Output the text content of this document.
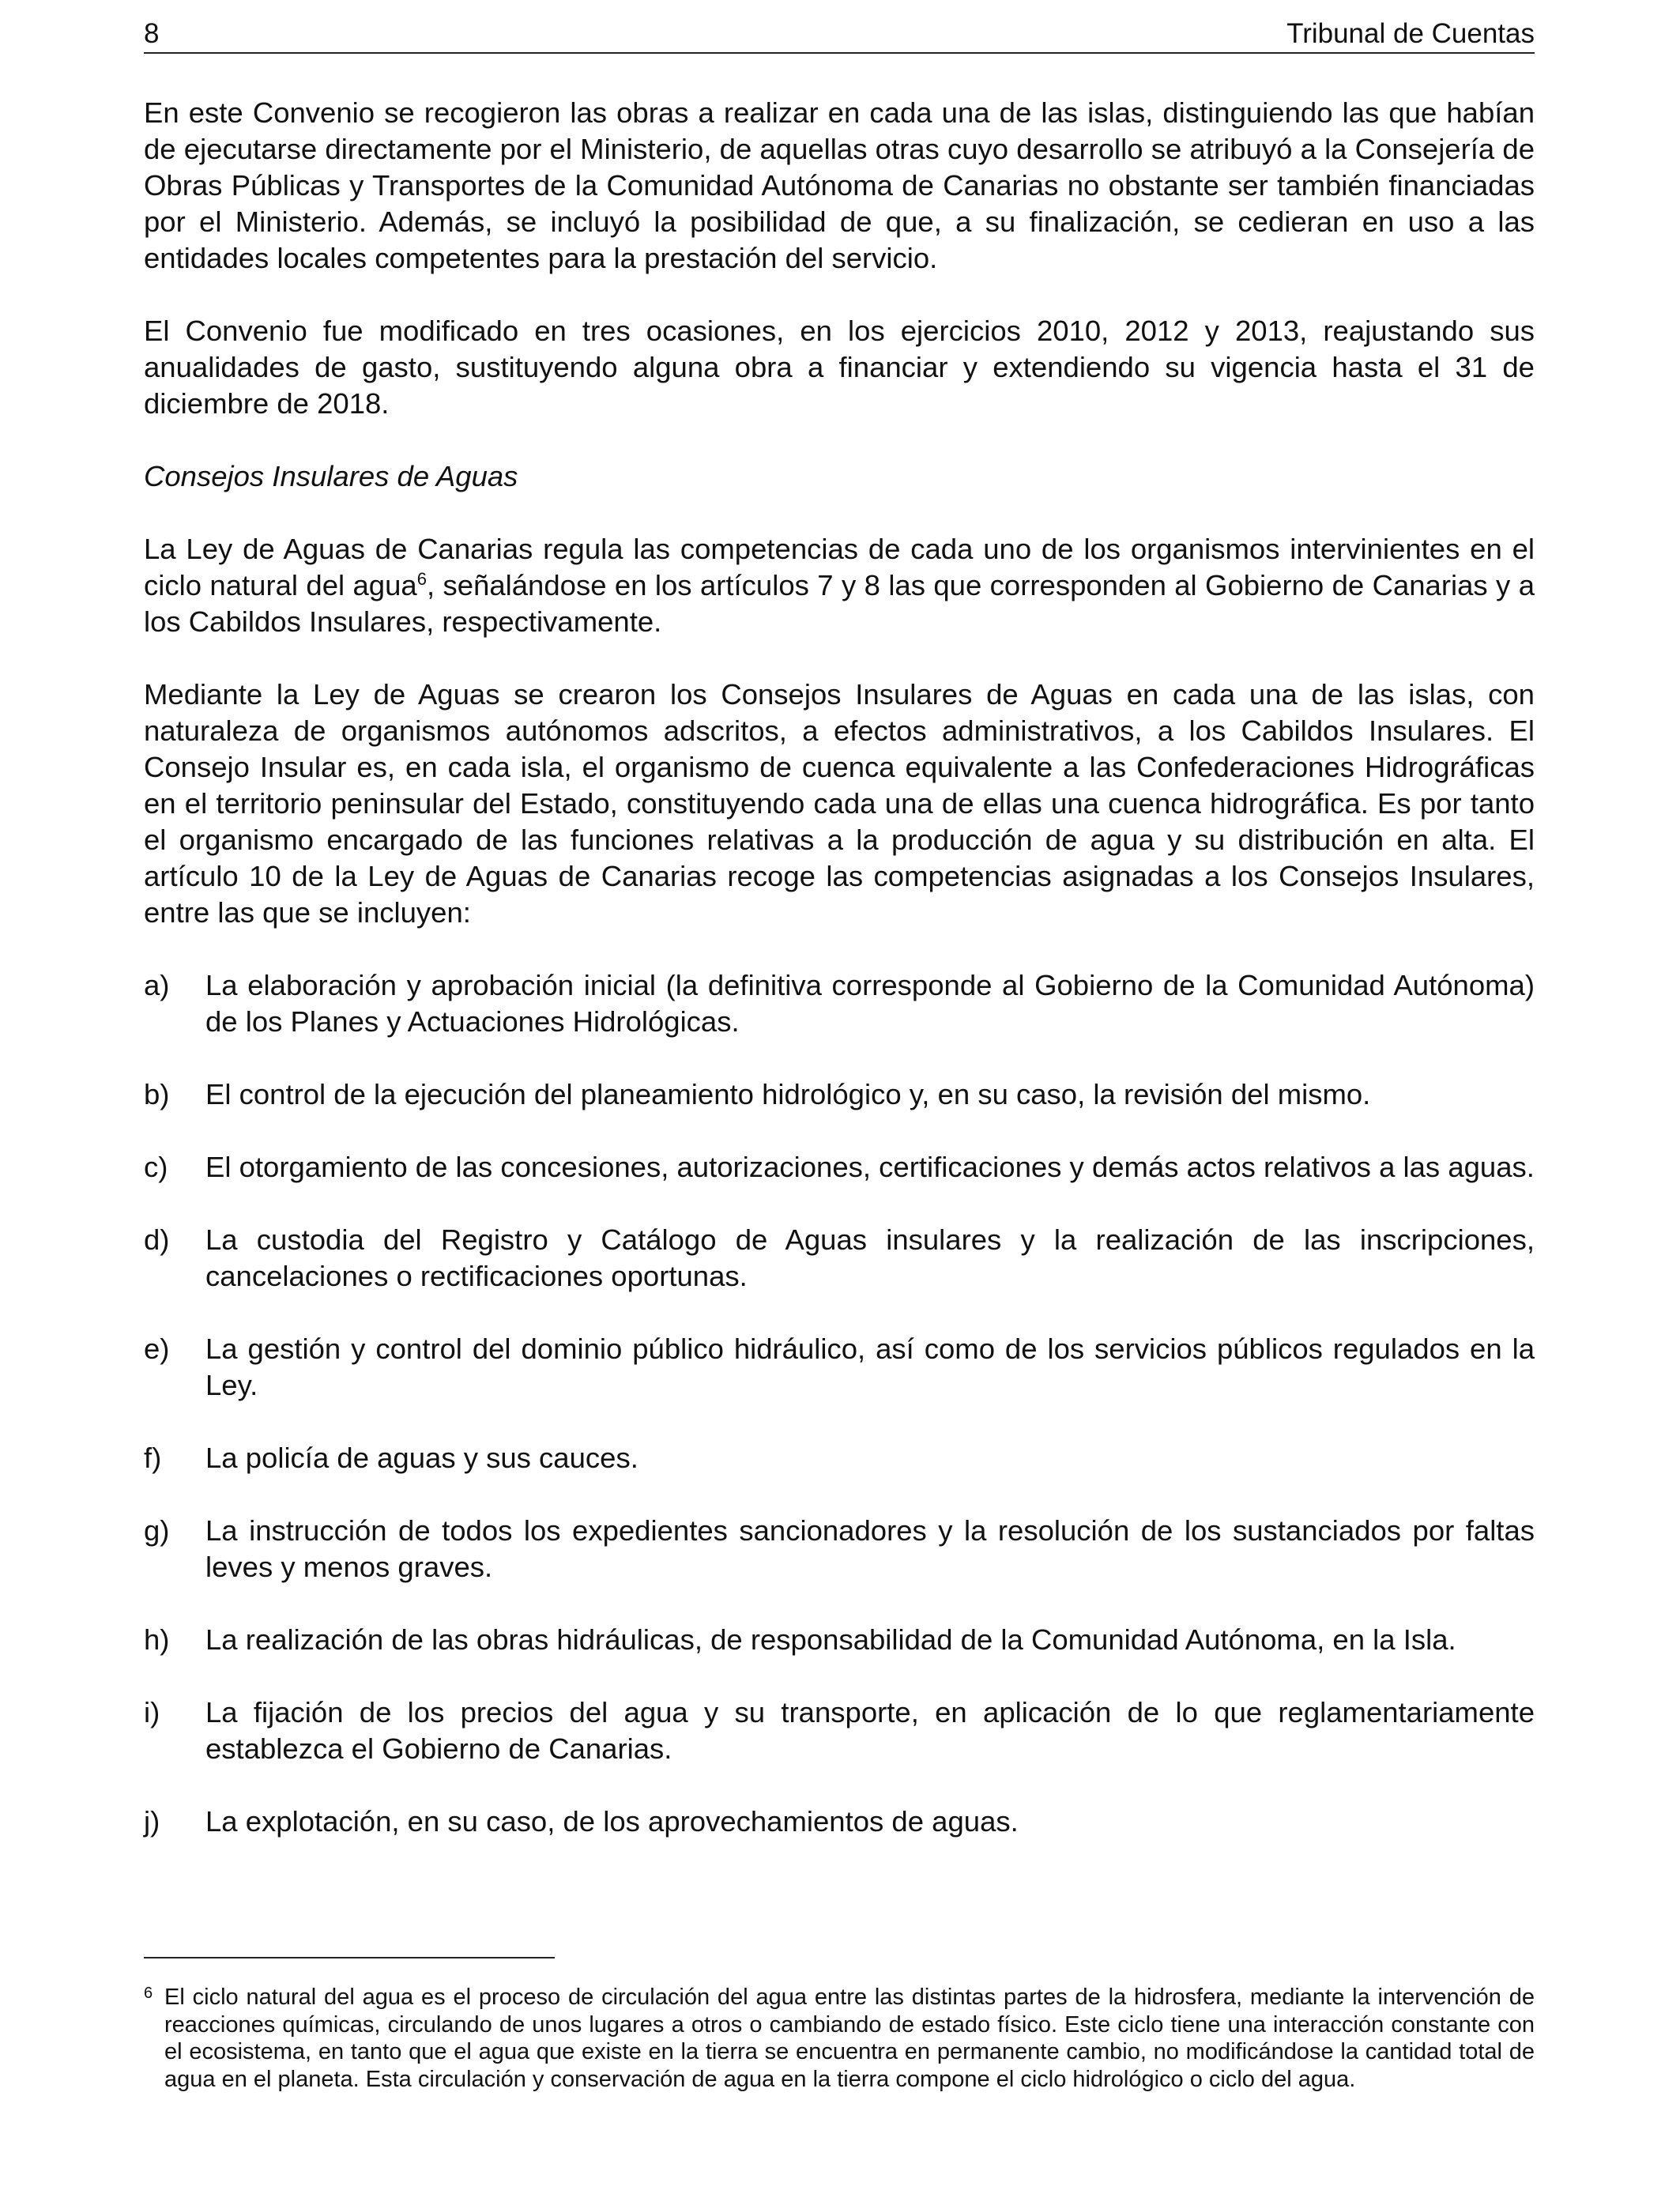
8	Tribunal de Cuentas

En este Convenio se recogieron las obras a realizar en cada una de las islas, distinguiendo las que habían de ejecutarse directamente por el Ministerio, de aquellas otras cuyo desarrollo se atribuyó a la Consejería de Obras Públicas y Transportes de la Comunidad Autónoma de Canarias no obstante ser también financiadas por el Ministerio. Además, se incluyó la posibilidad de que, a su finalización, se cedieran en uso a las entidades locales competentes para la prestación del servicio.

El Convenio fue modificado en tres ocasiones, en los ejercicios 2010, 2012 y 2013, reajustando sus anualidades de gasto, sustituyendo alguna obra a financiar y extendiendo su vigencia hasta el 31 de diciembre de 2018.

Consejos Insulares de Aguas

La Ley de Aguas de Canarias regula las competencias de cada uno de los organismos intervinientes en el ciclo natural del agua$^6$, señalándose en los artículos 7 y 8 las que corresponden al Gobierno de Canarias y a los Cabildos Insulares, respectivamente.

Mediante la Ley de Aguas se crearon los Consejos Insulares de Aguas en cada una de las islas, con naturaleza de organismos autónomos adscritos, a efectos administrativos, a los Cabildos Insulares. El Consejo Insular es, en cada isla, el organismo de cuenca equivalente a las Confederaciones Hidrográficas en el territorio peninsular del Estado, constituyendo cada una de ellas una cuenca hidrográfica. Es por tanto el organismo encargado de las funciones relativas a la producción de agua y su distribución en alta. El artículo 10 de la Ley de Aguas de Canarias recoge las competencias asignadas a los Consejos Insulares, entre las que se incluyen:

a)	La elaboración y aprobación inicial (la definitiva corresponde al Gobierno de la Comunidad Autónoma) de los Planes y Actuaciones Hidrológicas.
b)	El control de la ejecución del planeamiento hidrológico y, en su caso, la revisión del mismo.
c)	El otorgamiento de las concesiones, autorizaciones, certificaciones y demás actos relativos a las aguas.
d)	La custodia del Registro y Catálogo de Aguas insulares y la realización de las inscripciones, cancelaciones o rectificaciones oportunas.
e)	La gestión y control del dominio público hidráulico, así como de los servicios públicos regulados en la Ley.
f)	La policía de aguas y sus cauces.
g)	La instrucción de todos los expedientes sancionadores y la resolución de los sustanciados por faltas leves y menos graves.
h)	La realización de las obras hidráulicas, de responsabilidad de la Comunidad Autónoma, en la Isla.
i)	La fijación de los precios del agua y su transporte, en aplicación de lo que reglamentariamente establezca el Gobierno de Canarias.
j)	La explotación, en su caso, de los aprovechamientos de aguas.
6 El ciclo natural del agua es el proceso de circulación del agua entre las distintas partes de la hidrosfera, mediante la intervención de reacciones químicas, circulando de unos lugares a otros o cambiando de estado físico. Este ciclo tiene una interacción constante con el ecosistema, en tanto que el agua que existe en la tierra se encuentra en permanente cambio, no modificándose la cantidad total de agua en el planeta. Esta circulación y conservación de agua en la tierra compone el ciclo hidrológico o ciclo del agua.
